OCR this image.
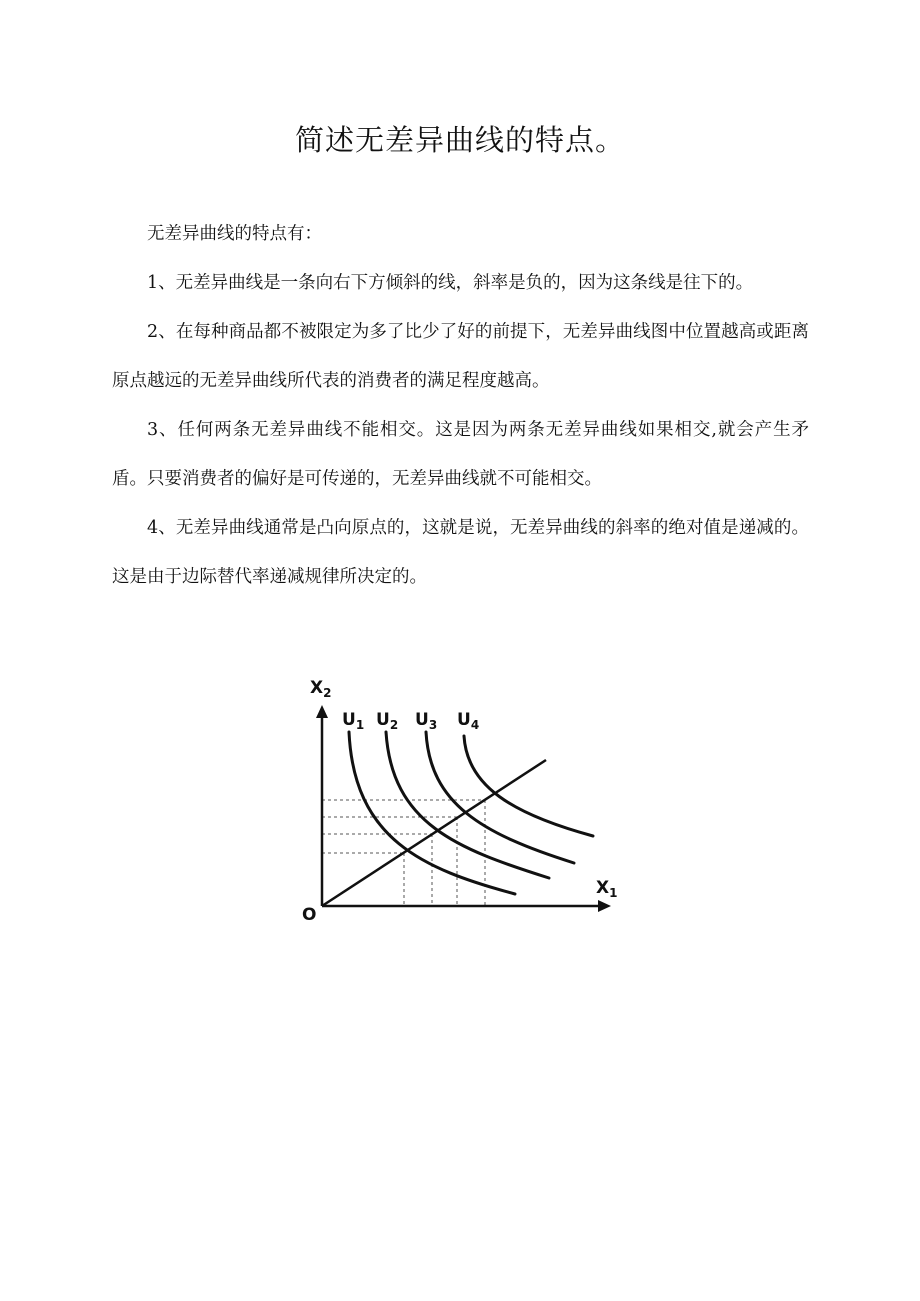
简述无差异曲线的特点。

无差异曲线的特点有：

1、无差异曲线是一条向右下方倾斜的线，斜率是负的，因为这条线是往下的。

2、在每种商品都不被限定为多了比少了好的前提下，无差异曲线图中位置越高或距离原点越远的无差异曲线所代表的消费者的满足程度越高。

3、任何两条无差异曲线不能相交。这是因为两条无差异曲线如果相交,就会产生矛盾。只要消费者的偏好是可传递的，无差异曲线就不可能相交。

4、无差异曲线通常是凸向原点的，这就是说，无差异曲线的斜率的绝对值是递减的。这是由于边际替代率递减规律所决定的。

$X_2$
$X_1$
O
$U_1$ $U_2$ $U_3$ $U_4$
